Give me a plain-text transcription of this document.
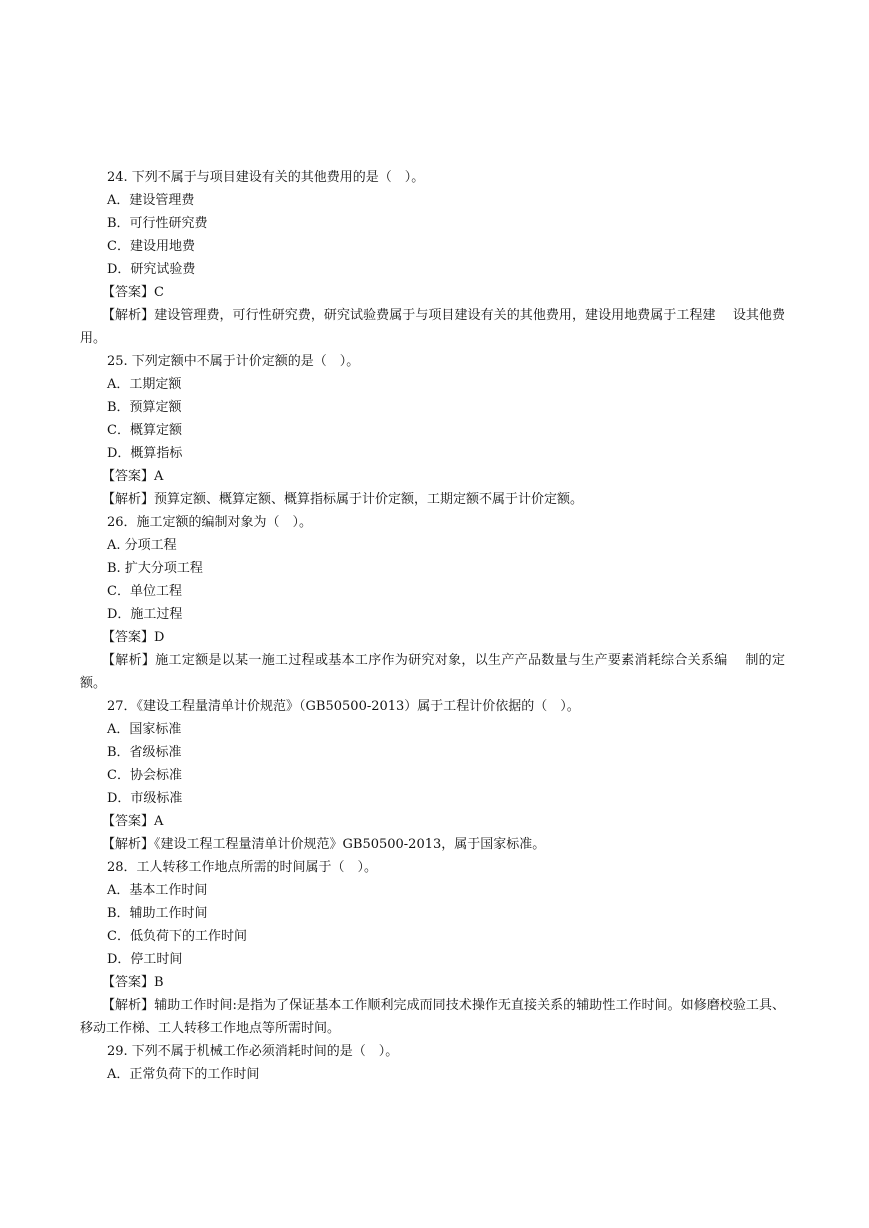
24. 下列不属于与项目建设有关的其他费用的是（　）。
A．建设管理费
B．可行性研究费
C．建设用地费
D．研究试验费
【答案】C
【解析】建设管理费，可行性研究费，研究试验费属于与项目建设有关的其他费用，建设用地费属于工程建　 设其他费用。
25. 下列定额中不属于计价定额的是（　）。
A．工期定额
B．预算定额
C．概算定额
D．概算指标
【答案】A
【解析】预算定额、概算定额、概算指标属于计价定额，工期定额不属于计价定额。
26．施工定额的编制对象为（　）。
A. 分项工程
B. 扩大分项工程
C．单位工程
D．施工过程
【答案】D
【解析】施工定额是以某一施工过程或基本工序作为研究对象，以生产产品数量与生产要素消耗综合关系编　 制的定额。
27．《建设工程量清单计价规范》（GB50500-2013）属于工程计价依据的（　）。
A．国家标准
B．省级标准
C．协会标准
D．市级标准
【答案】A
【解析】《建设工程工程量清单计价规范》GB50500-2013，属于国家标准。
28．工人转移工作地点所需的时间属于（　）。
A．基本工作时间
B．辅助工作时间
C．低负荷下的工作时间
D．停工时间
【答案】B
【解析】辅助工作时间:是指为了保证基本工作顺利完成而同技术操作无直接关系的辅助性工作时间。如修磨校验工具、移动工作梯、工人转移工作地点等所需时间。
29. 下列不属于机械工作必须消耗时间的是（　）。
A．正常负荷下的工作时间
